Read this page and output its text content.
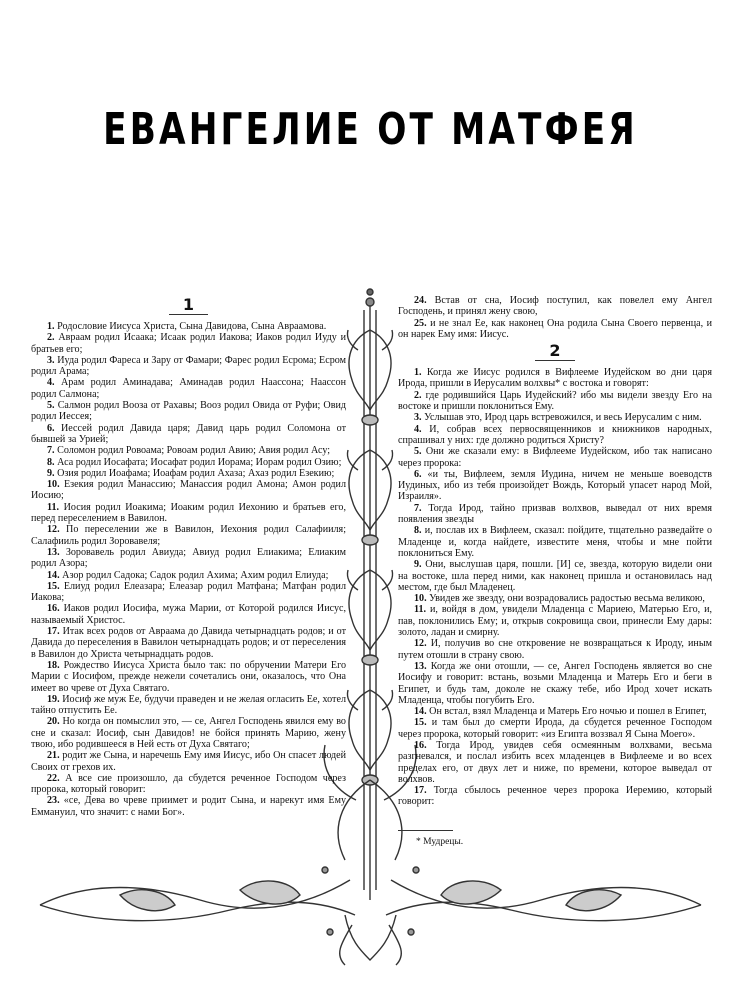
ЕВАНГЕЛИЕ ОТ МАТФЕЯ
1

1. Родословие Иисуса Христа, Сына Давидова, Сына Авраамова.

2. Авраам родил Исаака; Исаак родил Иакова; Иаков родил Иуду и братьев его;

3. Иуда родил Фареса и Зару от Фамари; Фарес родил Есрома; Есром родил Арама;

4. Арам родил Аминадава; Аминадав родил Наассона; Наассон родил Салмона;

5. Салмон родил Вооза от Рахавы; Вооз родил Овида от Руфи; Овид родил Иессея;

6. Иессей родил Давида царя; Давид царь родил Соломона от бывшей за Урией;

7. Соломон родил Ровоама; Ровоам родил Авию; Авия родил Асу;

8. Аса родил Иосафата; Иосафат родил Иорама; Иорам родил Озию;

9. Озия родил Иоафама; Иоафам родил Ахаза; Ахаз родил Езекию;

10. Езекия родил Манассию; Манассия родил Амона; Амон родил Иосию;

11. Иосия родил Иоакима; Иоаким родил Иехонию и братьев его, перед переселением в Вавилон.

12. По переселении же в Вавилон, Иехония родил Салафииля; Салафииль родил Зоровавеля;

13. Зоровавель родил Авиуда; Авиуд родил Елиакима; Елиаким родил Азора;

14. Азор родил Садока; Садок родил Ахима; Ахим родил Елиуда;

15. Елиуд родил Елеазара; Елеазар родил Матфана; Матфан родил Иакова;

16. Иаков родил Иосифа, мужа Марии, от Которой родился Иисус, называемый Христос.

17. Итак всех родов от Авраама до Давида четырнадцать родов; и от Давида до переселения в Вавилон четырнадцать родов; и от переселения в Вавилон до Христа четырнадцать родов.

18. Рождество Иисуса Христа было так: по обручении Матери Его Марии с Иосифом, прежде нежели сочетались они, оказалось, что Она имеет во чреве от Духа Святаго.

19. Иосиф же муж Ее, будучи праведен и не желая огласить Ее, хотел тайно отпустить Ее.

20. Но когда он помыслил это, — се, Ангел Господень явился ему во сне и сказал: Иосиф, сын Давидов! не бойся принять Марию, жену твою, ибо родившееся в Ней есть от Духа Святаго;

21. родит же Сына, и наречешь Ему имя Иисус, ибо Он спасет людей Своих от грехов их.

22. А все сие произошло, да сбудется реченное Господом через пророка, который говорит:

23. «се, Дева во чреве приимет и родит Сына, и нарекут имя Ему Еммануил, что значит: с нами Бог».

24. Встав от сна, Иосиф поступил, как повелел ему Ангел Господень, и принял жену свою,

25. и не знал Ее, как наконец Она родила Сына Своего первенца, и он нарек Ему имя: Иисус.

2

1. Когда же Иисус родился в Вифлееме Иудейском во дни царя Ирода, пришли в Иерусалим волхвы* с востока и говорят:

2. где родившийся Царь Иудейский? ибо мы видели звезду Его на востоке и пришли поклониться Ему.

3. Услышав это, Ирод царь встревожился, и весь Иерусалим с ним.

4. И, собрав всех первосвященников и книжников народных, спрашивал у них: где до́лжно родиться Христу?

5. Они же сказали ему: в Вифлееме Иудейском, ибо так написано через пророка:

6. «и ты, Вифлеем, земля Иудина, ничем не меньше воеводств Иудиных, ибо из тебя произойдет Вождь, Который упасет народ Мой, Израиля».

7. Тогда Ирод, тайно призвав волхвов, выведал от них время появления звезды

8. и, послав их в Вифлеем, сказал: пойдите, тщательно разведайте о Младенце и, когда найдете, известите меня, чтобы и мне пойти поклониться Ему.

9. Они, выслушав царя, пошли. [И] се, звезда, которую видели они на востоке, шла перед ними, как наконец пришла и остановилась над местом, где был Младенец.

10. Увидев же звезду, они возрадовались радостью весьма великою,

11. и, войдя в дом, увидели Младенца с Мариею, Матерью Его, и, пав, поклонились Ему; и, открыв сокровища свои, принесли Ему дары: золото, ладан и смирну.

12. И, получив во сне откровение не возвращаться к Ироду, иным путем отошли в страну свою.

13. Когда же они отошли, — се, Ангел Господень является во сне Иосифу и говорит: встань, возьми Младенца и Матерь Его и беги в Египет, и будь там, доколе не скажу тебе, ибо Ирод хочет искать Младенца, чтобы погубить Его.

14. Он встал, взял Младенца и Матерь Его ночью и пошел в Египет,

15. и там был до смерти Ирода, да сбудется реченное Господом через пророка, который говорит: «из Египта воззвал Я Сына Моего».

16. Тогда Ирод, увидев себя осмеянным волхвами, весьма разгневался, и послал избить всех младенцев в Вифлееме и во всех пределах его, от двух лет и ниже, по времени, которое выведал от волхвов.

17. Тогда сбылось реченное через пророка Иеремию, который говорит:

* Мудрецы.
